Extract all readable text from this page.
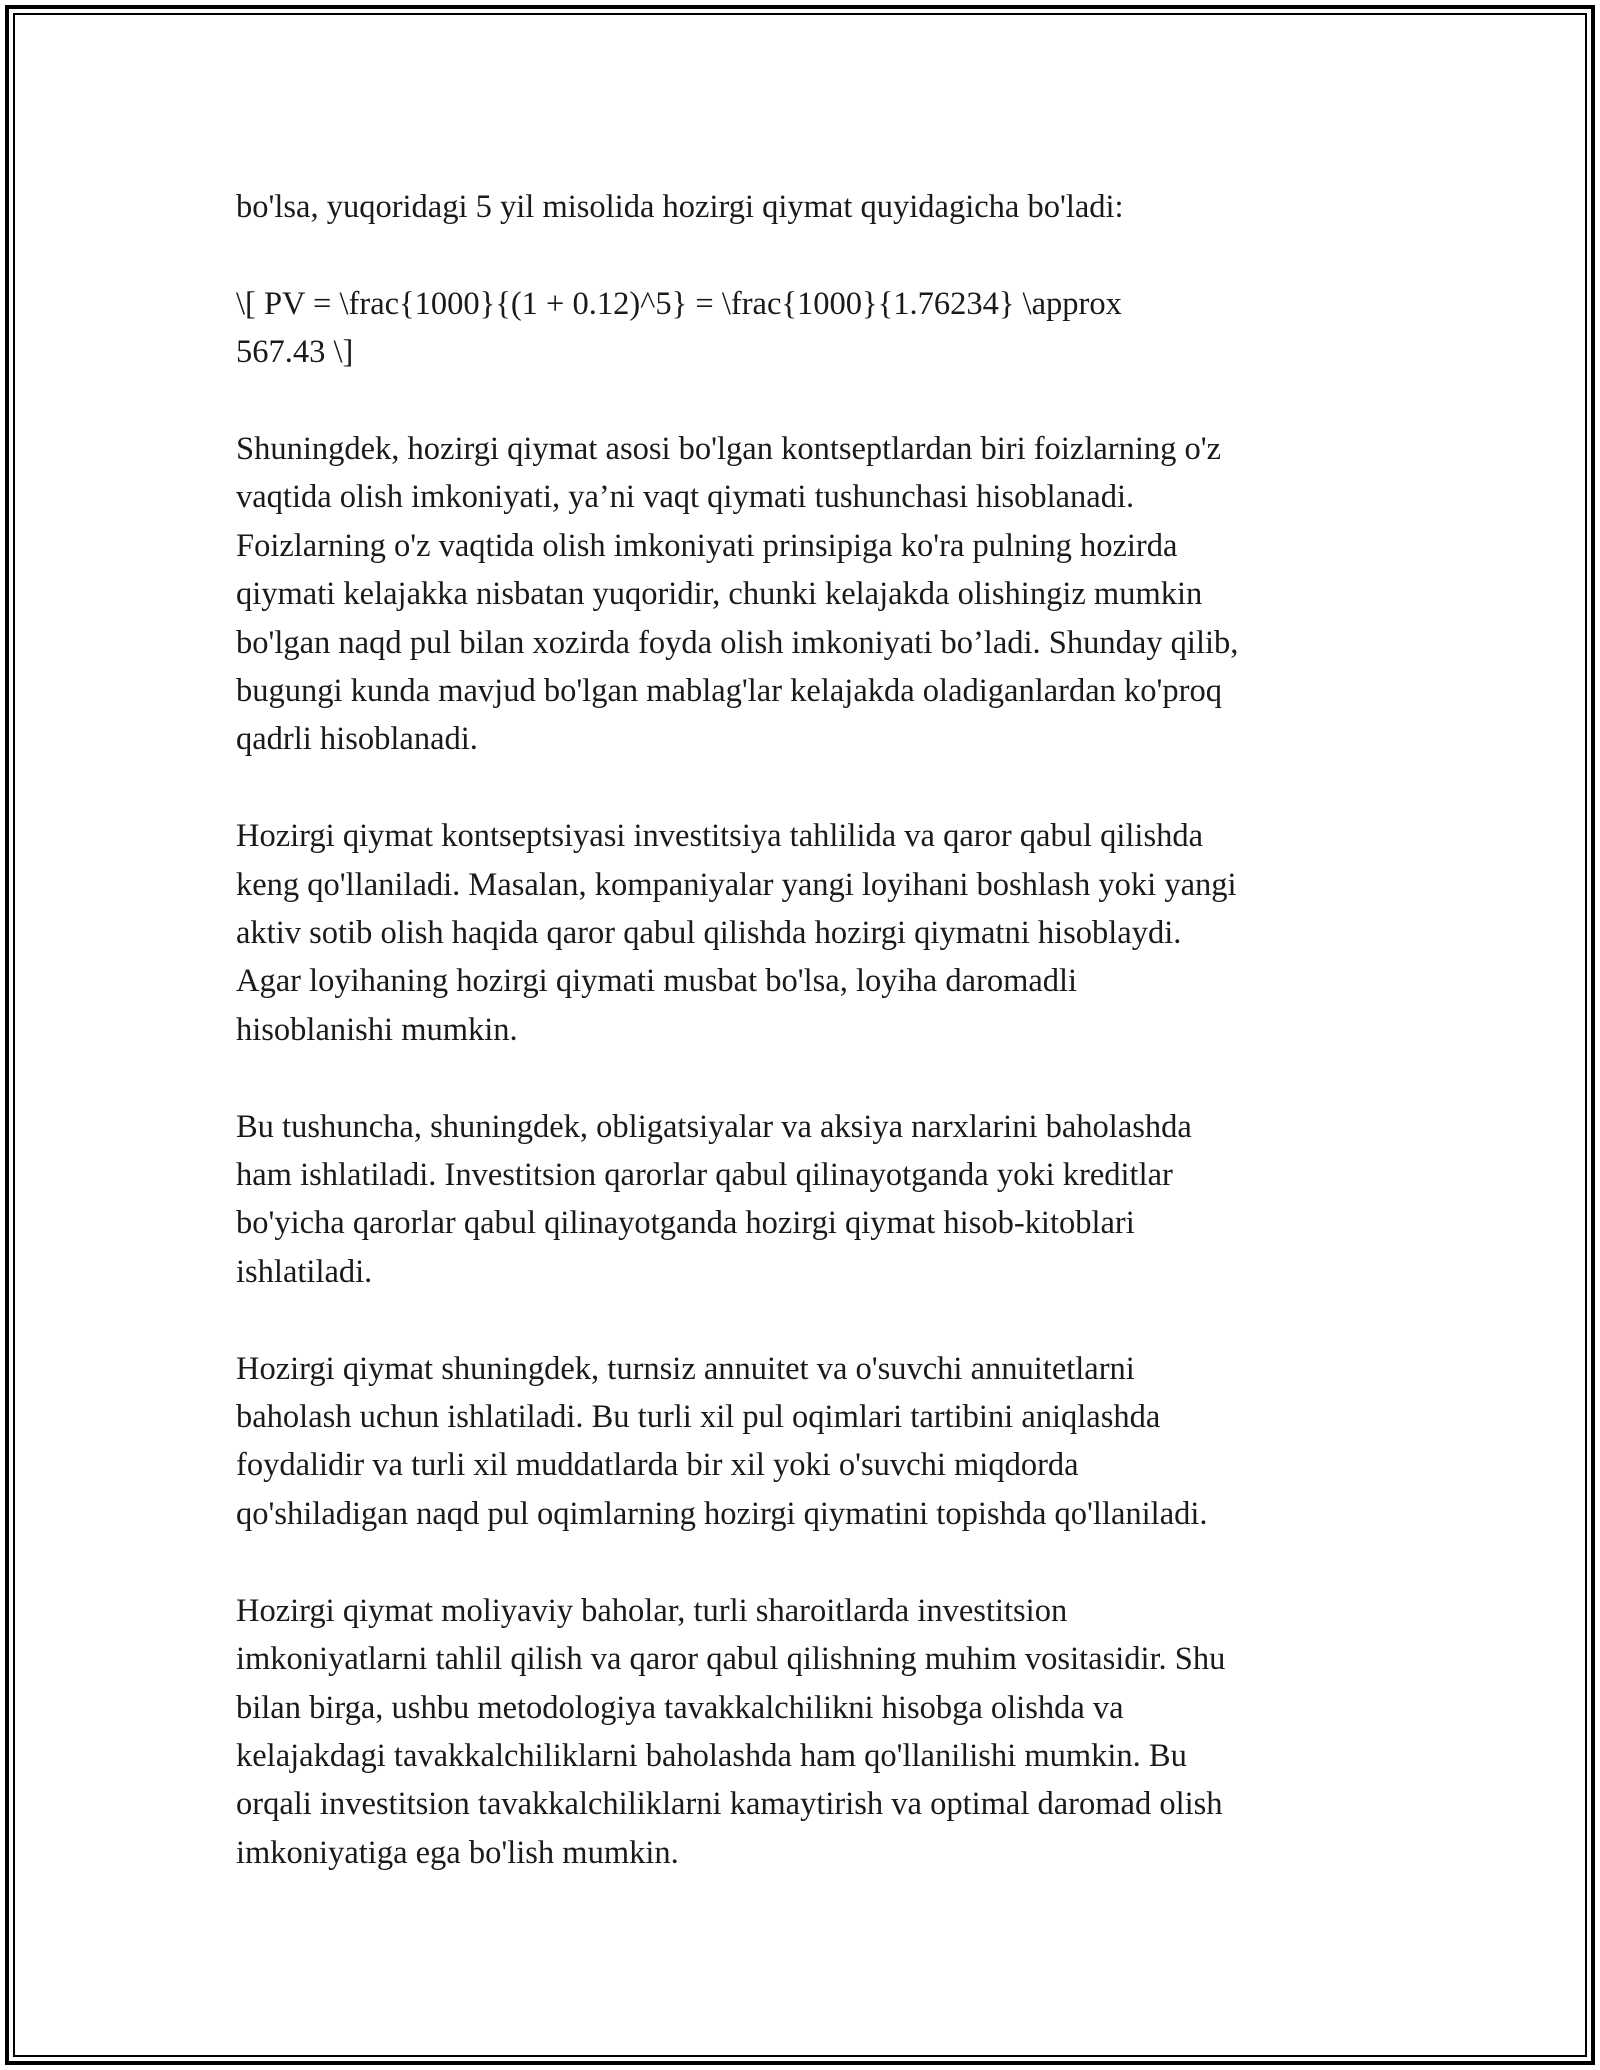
bo'lsa, yuqoridagi 5 yil misolida hozirgi qiymat quyidagicha bo'ladi:

\[ PV = \frac{1000}{(1 + 0.12)^5} = \frac{1000}{1.76234} \approx
567.43 \]

Shuningdek, hozirgi qiymat asosi bo'lgan kontseptlardan biri foizlarning o'z
vaqtida olish imkoniyati, ya’ni vaqt qiymati tushunchasi hisoblanadi.
Foizlarning o'z vaqtida olish imkoniyati prinsipiga ko'ra pulning hozirda
qiymati kelajakka nisbatan yuqoridir, chunki kelajakda olishingiz mumkin
bo'lgan naqd pul bilan xozirda foyda olish imkoniyati bo’ladi. Shunday qilib,
bugungi kunda mavjud bo'lgan mablag'lar kelajakda oladiganlardan ko'proq
qadrli hisoblanadi.

Hozirgi qiymat kontseptsiyasi investitsiya tahlilida va qaror qabul qilishda
keng qo'llaniladi. Masalan, kompaniyalar yangi loyihani boshlash yoki yangi
aktiv sotib olish haqida qaror qabul qilishda hozirgi qiymatni hisoblaydi.
Agar loyihaning hozirgi qiymati musbat bo'lsa, loyiha daromadli
hisoblanishi mumkin.

Bu tushuncha, shuningdek, obligatsiyalar va aksiya narxlarini baholashda
ham ishlatiladi. Investitsion qarorlar qabul qilinayotganda yoki kreditlar
bo'yicha qarorlar qabul qilinayotganda hozirgi qiymat hisob-kitoblari
ishlatiladi.

Hozirgi qiymat shuningdek, turnsiz annuitet va o'suvchi annuitetlarni
baholash uchun ishlatiladi. Bu turli xil pul oqimlari tartibini aniqlashda
foydalidir va turli xil muddatlarda bir xil yoki o'suvchi miqdorda
qo'shiladigan naqd pul oqimlarning hozirgi qiymatini topishda qo'llaniladi.

Hozirgi qiymat moliyaviy baholar, turli sharoitlarda investitsion
imkoniyatlarni tahlil qilish va qaror qabul qilishning muhim vositasidir. Shu
bilan birga, ushbu metodologiya tavakkalchilikni hisobga olishda va
kelajakdagi tavakkalchiliklarni baholashda ham qo'llanilishi mumkin. Bu
orqali investitsion tavakkalchiliklarni kamaytirish va optimal daromad olish
imkoniyatiga ega bo'lish mumkin.
